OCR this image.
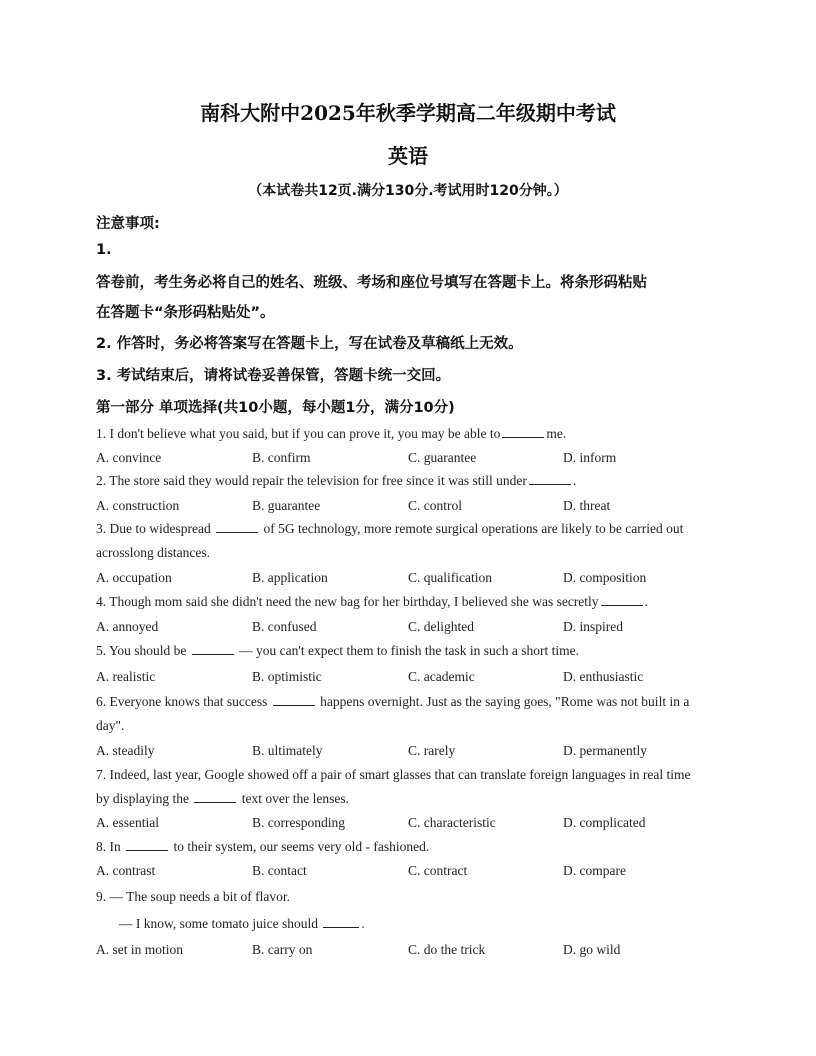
南科大附中2025年秋季学期高二年级期中考试
英语
（本试卷共12页.满分130分.考试用时120分钟。）
注意事项:
1.
答卷前，考生务必将自己的姓名、班级、考场和座位号填写在答题卡上。将条形码粘贴
在答题卡“条形码粘贴处”。
2. 作答时，务必将答案写在答题卡上，写在试卷及草稿纸上无效。
3. 考试结束后，请将试卷妥善保管，答题卡统一交回。
第一部分 单项选择(共10小题，每小题1分，满分10分)
1. I don't believe what you said, but if you can prove it, you may be able to	me.
A. convince	B. confirm	C. guarantee	D. inform
2. The store said they would repair the television for free since it was still under	.
A. construction	B. guarantee	C. control	D. threat
3. Due to widespread	of 5G technology, more remote surgical operations are likely to be carried out
acrosslong distances.
A. occupation	B. application	C. qualification	D. composition
4. Though mom said she didn't need the new bag for her birthday, I believed she was secretly	.
A. annoyed	B. confused	C. delighted	D. inspired
5. You should be	— you can't expect them to finish the task in such a short time.
A. realistic	B. optimistic	C. academic	D. enthusiastic
6. Everyone knows that success	happens overnight. Just as the saying goes, "Rome was not built in a
day".
A. steadily	B. ultimately	C. rarely	D. permanently
7. Indeed, last year, Google showed off a pair of smart glasses that can translate foreign languages in real time
by displaying the	text over the lenses.
A. essential	B. corresponding	C. characteristic	D. complicated
8. In	to their system, our seems very old - fashioned.
A. contrast	B. contact	C. contract	D. compare
9. — The soup needs a bit of flavor.
— I know, some tomato juice should	.
A. set in motion	B. carry on	C. do the trick	D. go wild
